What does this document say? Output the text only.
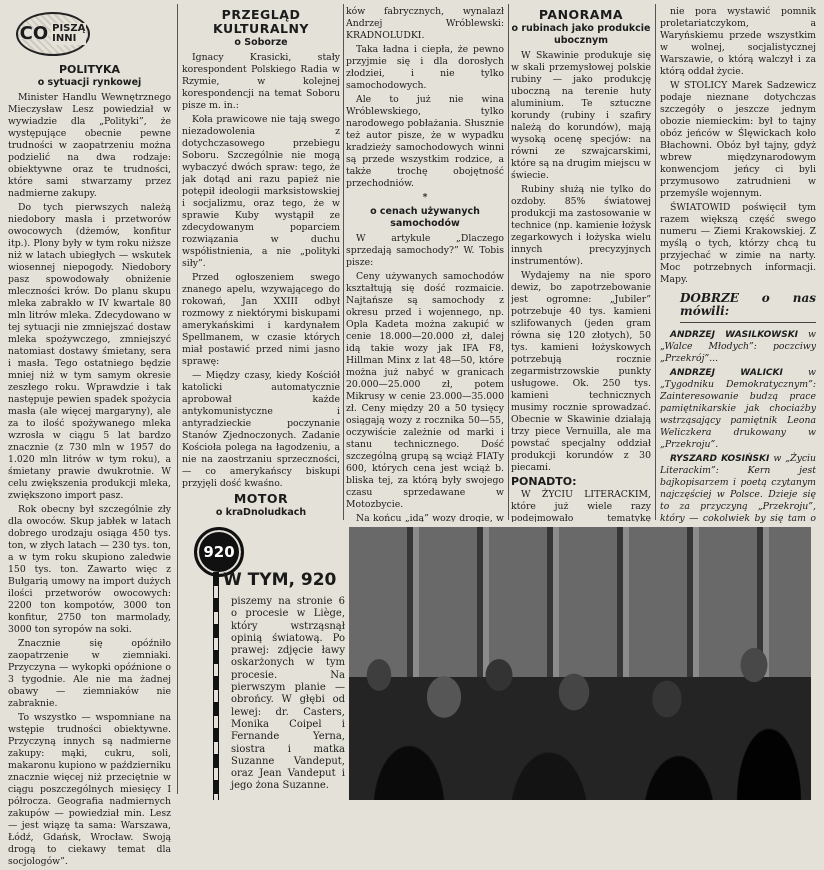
CO PISZĄ
INNI
POLITYKA
o sytuacji rynkowej

Minister Handlu Wewnętrznego Mieczysław Lesz powiedział w wywiadzie dla „Polityki”, że występujące obecnie pewne trudności w zaopatrzeniu można podzielić na dwa rodzaje: obiektywne oraz te trudności, które sami stwarzamy przez nadmierne zakupy.

Do tych pierwszych należą niedobory masła i przetworów owocowych (dżemów, konfitur itp.). Plony były w tym roku niższe niż w latach ubiegłych — wskutek wiosennej niepogody. Niedobory pasz spowodowały obniżenie mleczności krów. Do planu skupu mleka zabrakło w IV kwartale 80 mln litrów mleka. Zdecydowano w tej sytuacji nie zmniejszać dostaw mleka spożywczego, zmniejszyć natomiast dostawy śmietany, sera i masła. Tego ostatniego będzie mniej niż w tym samym okresie zeszłego roku. Wprawdzie i tak następuje pewien spadek spożycia masła (ale więcej margaryny), ale za to ilość spożywanego mleka wzrosła w ciągu 5 lat bardzo znacznie (z 730 mln w 1957 do 1.020 mln litrów w tym roku), a śmietany prawie dwukrotnie. W celu zwiększenia produkcji mleka, zwiększono import pasz.

Rok obecny był szczególnie zły dla owoców. Skup jabłek w latach dobrego urodzaju osiąga 450 tys. ton, w złych latach — 230 tys. ton, a w tym roku skupiono zaledwie 150 tys. ton. Zawarto więc z Bułgarią umowy na import dużych ilości przetworów owocowych: 2200 ton kompotów, 3000 ton konfitur, 2750 ton marmolady, 3000 ton syropów na soki.

Znacznie się opóźniło zaopatrzenie w ziemniaki. Przyczyna — wykopki opóźnione o 3 tygodnie. Ale nie ma żadnej obawy — ziemniaków nie zabraknie.

To wszystko — wspomniane na wstępie trudności obiektywne. Przyczyną innych są nadmierne zakupy: mąki, cukru, soli, makaronu kupiono w październiku znacznie więcej niż przeciętnie w ciągu poszczególnych miesięcy I półrocza. Geografia nadmiernych zakupów — powiedział min. Lesz — jest wiązę ta sama: Warszawa, Łódź, Gdańsk, Wrocław. Swoją drogą to ciekawy temat dla socjologów”.

PRZEGLĄD KULTURALNY
o Soborze

Ignacy Krasicki, stały korespondent Polskiego Radia w Rzymie, w kolejnej korespondencji na temat Soboru pisze m. in.:

Koła prawicowe nie tają swego niezadowolenia z dotychczasowego przebiegu Soboru. Szczególnie nie mogą wybaczyć dwóch spraw: tego, że jak dotąd ani razu papież nie potępił ideologii marksistowskiej i socjalizmu, oraz tego, że w sprawie Kuby wystąpił ze zdecydowanym poparciem rozwiązania w duchu współistnienia, a nie „polityki siły”.

Przed ogłoszeniem swego znanego apelu, wzywającego do rokowań, Jan XXIII odbył rozmowy z niektórymi biskupami amerykańskimi i kardynałem Spellmanem, w czasie których miał postawić przed nimi jasno sprawę:

— Między czasy, kiedy Kościół katolicki automatycznie aprobował każde antykomunistyczne i antyradzieckie poczynanie Stanów Zjednoczonych. Zadanie Kościoła polega na łagodzeniu, a nie na zaostrzaniu sprzeczności, — co amerykańscy biskupi przyjęli dość kwaśno.

MOTOR
o kraDnoludkach

ków fabrycznych, wynalazł Andrzej Wróblewski: KRADNOLUDKI.

Taka ładna i ciepła, że pewno przyjmie się i dla dorosłych złodziei, i nie tylko samochodowych.

Ale to już nie wina Wróblewskiego, tylko narodowego pobłażania. Słusznie też autor pisze, że w wypadku kradzieży samochodowych winni są przede wszystkim rodzice, a także trochę obojętność przechodniów.

*
o cenach używanych samochodów

W artykule „Dlaczego sprzedają samochody?” W. Tobis pisze:

Ceny używanych samochodów kształtują się dość rozmaicie. Najtańsze są samochody z okresu przed i wojennego, np. Opla Kadeta można zakupić w cenie 18.000—20.000 zł, dalej idą takie wozy jak IFA F8, Hillman Minx z lat 48—50, które można już nabyć w granicach 20.000—25.000 zł, potem Mikrusy w cenie 23.000—35.000 zł. Ceny między 20 a 50 tysięcy osiągają wozy z rocznika 50—55, oczywiście zależnie od marki i stanu technicznego. Dość szczególną grupą są wciąż FIATy 600, których cena jest wciąż b. bliska tej, za którą były swojego czasu sprzedawane w Motozbycie.

Na końcu „idą” wozy drogie, w

PANORAMA
o rubinach jako produkcie ubocznym

W Skawinie produkuje się w skali przemysłowej polskie rubiny — jako produkcję uboczną na terenie huty aluminium. Te sztuczne korundy (rubiny i szafiry należą do korundów), mają wysoką ocenę specjów: na równi ze szwajcarskimi, które są na drugim miejscu w świecie.

Rubiny służą nie tylko do ozdoby. 85% światowej produkcji ma zastosowanie w technice (np. kamienie łożysk zegarkowych i łożyska wielu innych precyzyjnych instrumentów).

Wydajemy na nie sporo dewiz, bo zapotrzebowanie jest ogromne: „Jubiler” potrzebuje 40 tys. kamieni szlifowanych (jeden gram równa się 120 złotych), 50 tys. kamieni łożyskowych potrzebują rocznie zegarmistrzowskie punkty usługowe. Ok. 250 tys. kamieni technicznych musimy rocznie sprowadzać. Obecnie w Skawinie działają trzy piece Vernuilla, ale ma powstać specjalny oddział produkcji korundów z 30 piecami.

PONADTO:

W ŻYCIU LITERACKIM, które już wiele razy podejmowało tematykę

nie pora wystawić pomnik proletariatczykom, a Waryńskiemu przede wszystkim w wolnej, socjalistycznej Warszawie, o którą walczył i za którą oddał życie.

W STOLICY Marek Sadzewicz podaje nieznane dotychczas szczegóły o jeszcze jednym obozie niemieckim: był to tajny obóz jeńców w Ślęwickach koło Błachowni. Obóz był tajny, gdyż wbrew międzynarodowym konwencjom jeńcy ci byli przymusowo zatrudnieni w przemyśle wojennym.

ŚWIATOWID poświęcił tym razem większą część swego numeru — Ziemi Krakowskiej. Z myślą o tych, którzy chcą tu przyjechać w zimie na narty. Moc potrzebnych informacji. Mapy.

DOBRZE o nas mówili:

ANDRZEJ WASILKOWSKI w „Walce Młodych”: poczciwy „Przekrój”...

ANDRZEJ WALICKI	w „Tygodniku Demokratycznym”: Zainteresowanie budzą prace pamiętnikarskie jak chociażby wstrząsający pamiętnik Leona Weliczkera drukowany w „Przekroju”.

RYSZARD KOSIŃSKI w „Życiu Literackim”: Kern jest bajkopisarzem i poetą czytanym najczęściej w Polsce. Dzieje się to za przyczyną „Przekroju”, który — cokolwiek by się tam o

920
W TYM, 920
piszemy na stronie 6 o procesie w Liège, który wstrząsnął opinią światową. Po prawej: zdjęcie ławy oskarżonych w tym procesie. Na pierwszym planie — obrońcy. W głębi od lewej: dr. Casters, Monika Coipel i Fernande Yerna, siostra i matka Suzanne Vandeput, oraz Jean Vandeput i jego żona Suzanne.
